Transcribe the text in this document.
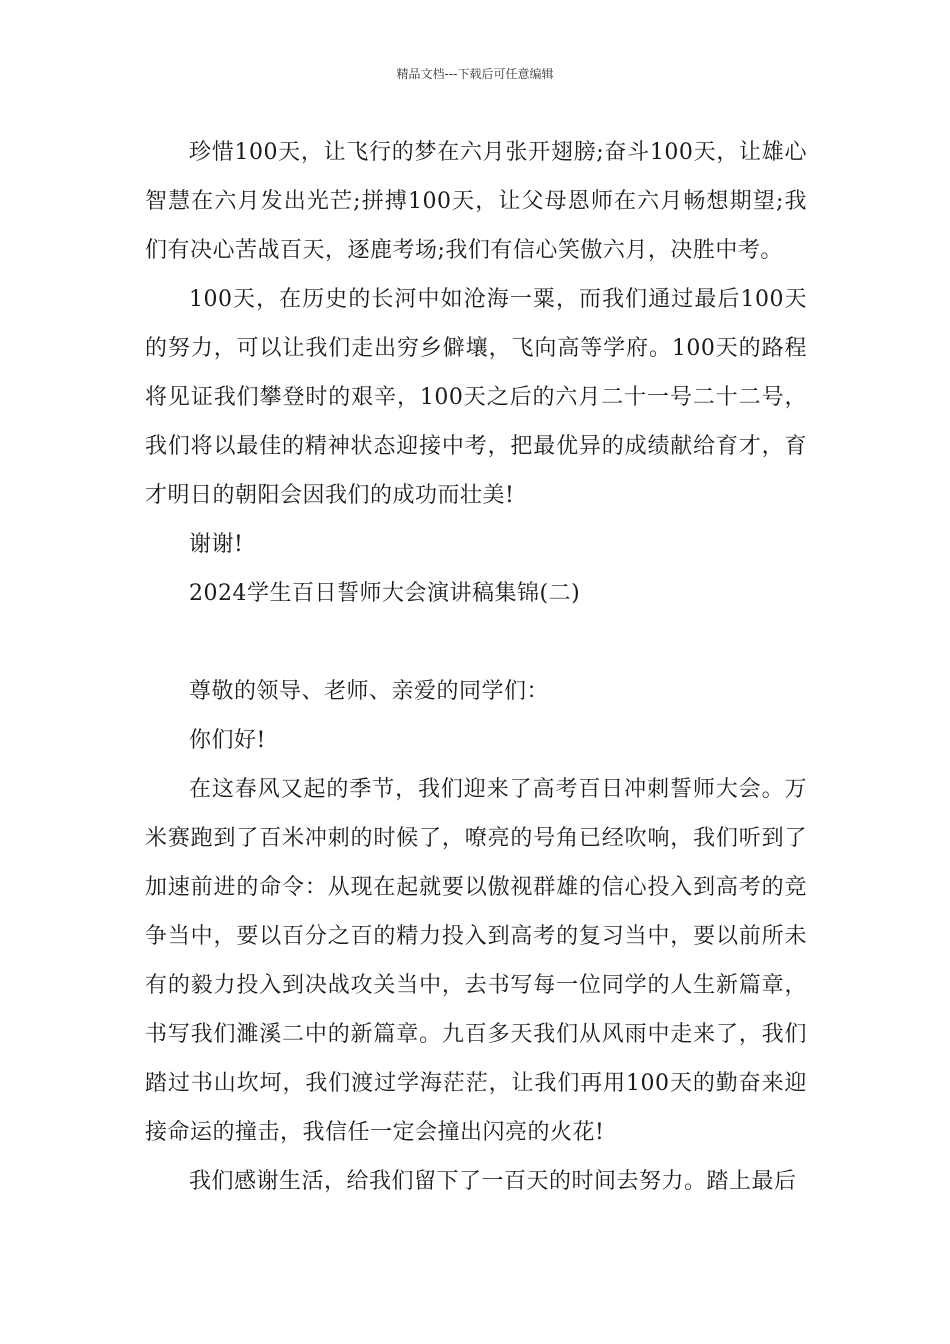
精品文档---下载后可任意编辑

珍惜100天，让飞行的梦在六月张开翅膀;奋斗100天，让雄心智慧在六月发出光芒;拼搏100天，让父母恩师在六月畅想期望;我们有决心苦战百天，逐鹿考场;我们有信心笑傲六月，决胜中考。

100天，在历史的长河中如沧海一粟，而我们通过最后100天的努力，可以让我们走出穷乡僻壤，飞向高等学府。100天的路程将见证我们攀登时的艰辛，100天之后的六月二十一号二十二号，我们将以最佳的精神状态迎接中考，把最优异的成绩献给育才，育才明日的朝阳会因我们的成功而壮美!

谢谢!

2024学生百日誓师大会演讲稿集锦(二)

尊敬的领导、老师、亲爱的同学们：

你们好!

在这春风又起的季节，我们迎来了高考百日冲刺誓师大会。万米赛跑到了百米冲刺的时候了，嘹亮的号角已经吹响，我们听到了加速前进的命令：从现在起就要以傲视群雄的信心投入到高考的竞争当中，要以百分之百的精力投入到高考的复习当中，要以前所未有的毅力投入到决战攻关当中，去书写每一位同学的人生新篇章，书写我们濉溪二中的新篇章。九百多天我们从风雨中走来了，我们踏过书山坎坷，我们渡过学海茫茫，让我们再用100天的勤奋来迎接命运的撞击，我信任一定会撞出闪亮的火花!

我们感谢生活，给我们留下了一百天的时间去努力。踏上最后
